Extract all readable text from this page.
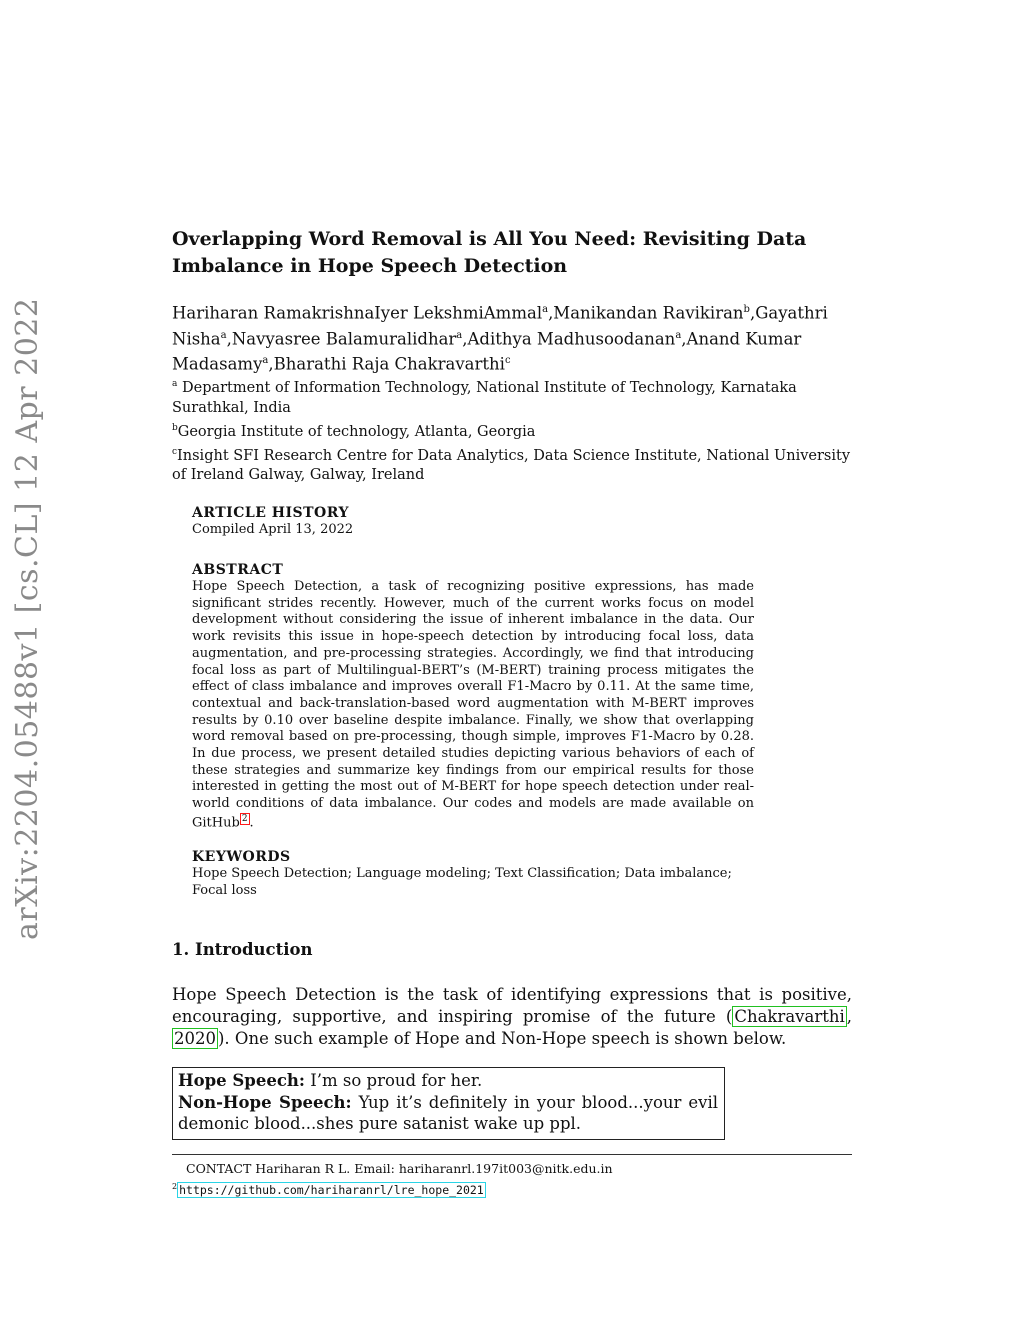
arXiv:2204.05488v1 [cs.CL] 12 Apr 2022
Overlapping Word Removal is All You Need: Revisiting Data Imbalance in Hope Speech Detection
Hariharan RamakrishnaIyer LekshmiAmmal$^a$,Manikandan Ravikiran$^b$,Gayathri Nisha$^a$,Navyasree Balamuralidhar$^a$,Adithya Madhusoodanan$^a$,Anand Kumar Madasamy$^a$,Bharathi Raja Chakravarthi$^c$
$^a$ Department of Information Technology, National Institute of Technology, Karnataka Surathkal, India
$^b$Georgia Institute of technology, Atlanta, Georgia
$^c$Insight SFI Research Centre for Data Analytics, Data Science Institute, National University of Ireland Galway, Galway, Ireland
ARTICLE HISTORY
Compiled April 13, 2022
ABSTRACT
Hope Speech Detection, a task of recognizing positive expressions, has made significant strides recently. However, much of the current works focus on model development without considering the issue of inherent imbalance in the data. Our work revisits this issue in hope-speech detection by introducing focal loss, data augmentation, and pre-processing strategies. Accordingly, we find that introducing focal loss as part of Multilingual-BERT’s (M-BERT) training process mitigates the effect of class imbalance and improves overall F1-Macro by 0.11. At the same time, contextual and back-translation-based word augmentation with M-BERT improves results by 0.10 over baseline despite imbalance. Finally, we show that overlapping word removal based on pre-processing, though simple, improves F1-Macro by 0.28. In due process, we present detailed studies depicting various behaviors of each of these strategies and summarize key findings from our empirical results for those interested in getting the most out of M-BERT for hope speech detection under real-world conditions of data imbalance. Our codes and models are made available on GitHub 2 .
KEYWORDS
Hope Speech Detection; Language modeling; Text Classification; Data imbalance; Focal loss
1. Introduction
Hope Speech Detection is the task of identifying expressions that is positive, encouraging, supportive, and inspiring promise of the future ( Chakravarthi , 2020 ). One such example of Hope and Non-Hope speech is shown below.
Hope Speech: I’m so proud for her.
Non-Hope Speech: Yup it’s definitely in your blood...your evil demonic blood...shes pure satanist wake up ppl.
CONTACT Hariharan R L. Email: hariharanrl.197it003@nitk.edu.in
$^2$ https://github.com/hariharanrl/lre_hope_2021
